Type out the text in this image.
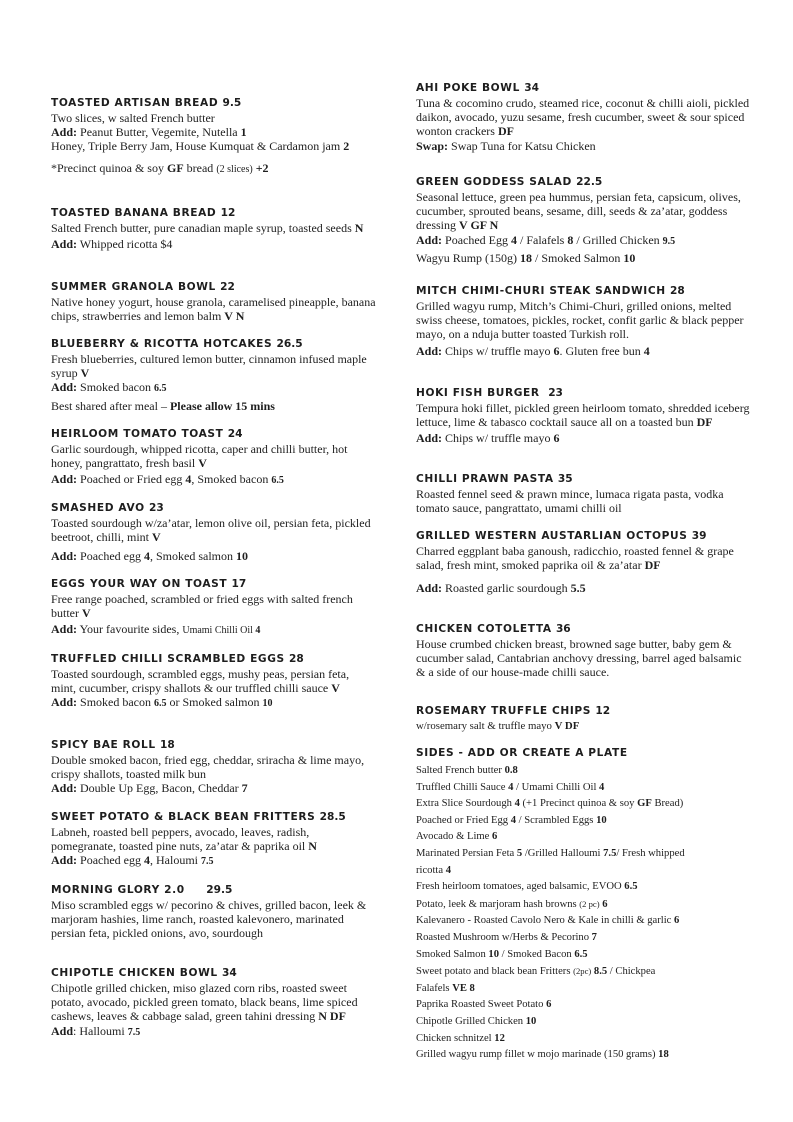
TOASTED ARTISAN BREAD 9.5
Two slices, w salted French butter
Add: Peanut Butter, Vegemite, Nutella 1
Honey, Triple Berry Jam, House Kumquat & Cardamon jam 2
*Precinct quinoa & soy GF bread (2 slices) +2
TOASTED BANANA BREAD 12
Salted French butter, pure canadian maple syrup, toasted seeds N
Add: Whipped ricotta $4
SUMMER GRANOLA BOWL 22
Native honey yogurt, house granola, caramelised pineapple, banana chips, strawberries and lemon balm V N
BLUEBERRY & RICOTTA HOTCAKES 26.5
Fresh blueberries, cultured lemon butter, cinnamon infused maple syrup V
Add: Smoked bacon 6.5
Best shared after meal – Please allow 15 mins
HEIRLOOM TOMATO TOAST 24
Garlic sourdough, whipped ricotta, caper and chilli butter, hot honey, pangrattato, fresh basil V
Add: Poached or Fried egg 4, Smoked bacon 6.5
SMASHED AVO 23
Toasted sourdough w/za’atar, lemon olive oil, persian feta, pickled beetroot, chilli, mint V
Add: Poached egg 4, Smoked salmon 10
EGGS YOUR WAY ON TOAST 17
Free range poached, scrambled or fried eggs with salted french butter V
Add: Your favourite sides, Umami Chilli Oil 4
TRUFFLED CHILLI SCRAMBLED EGGS 28
Toasted sourdough, scrambled eggs, mushy peas, persian feta, mint, cucumber, crispy shallots & our truffled chilli sauce V
Add: Smoked bacon 6.5 or Smoked salmon 10
SPICY BAE ROLL 18
Double smoked bacon, fried egg, cheddar, sriracha & lime mayo, crispy shallots, toasted milk bun
Add: Double Up Egg, Bacon, Cheddar 7
SWEET POTATO & BLACK BEAN FRITTERS 28.5
Labneh, roasted bell peppers, avocado, leaves, radish, pomegranate, toasted pine nuts, za’atar & paprika oil N
Add: Poached egg 4, Haloumi 7.5
MORNING GLORY 2.0 29.5
Miso scrambled eggs w/ pecorino & chives, grilled bacon, leek & marjoram hashies, lime ranch, roasted kalevonero, marinated persian feta, pickled onions, avo, sourdough
CHIPOTLE CHICKEN BOWL 34
Chipotle grilled chicken, miso glazed corn ribs, roasted sweet potato, avocado, pickled green tomato, black beans, lime spiced cashews, leaves & cabbage salad, green tahini dressing N DF
Add: Halloumi 7.5
AHI POKE BOWL 34
Tuna & cocomino crudo, steamed rice, coconut & chilli aioli, pickled daikon, avocado, yuzu sesame, fresh cucumber, sweet & sour spiced wonton crackers DF
Swap: Swap Tuna for Katsu Chicken
GREEN GODDESS SALAD 22.5
Seasonal lettuce, green pea hummus, persian feta, capsicum, olives, cucumber, sprouted beans, sesame, dill, seeds & za’atar, goddess dressing V GF N
Add: Poached Egg 4 / Falafels 8 / Grilled Chicken 9.5
Wagyu Rump (150g) 18 / Smoked Salmon 10
MITCH CHIMI-CHURI STEAK SANDWICH 28
Grilled wagyu rump, Mitch’s Chimi-Churi, grilled onions, melted swiss cheese, tomatoes, pickles, rocket, confit garlic & black pepper mayo, on a nduja butter toasted Turkish roll.
Add: Chips w/ truffle mayo 6. Gluten free bun 4
HOKI FISH BURGER 23
Tempura hoki fillet, pickled green heirloom tomato, shredded iceberg lettuce, lime & tabasco cocktail sauce all on a toasted bun DF
Add: Chips w/ truffle mayo 6
CHILLI PRAWN PASTA 35
Roasted fennel seed & prawn mince, lumaca rigata pasta, vodka tomato sauce, pangrattato, umami chilli oil
GRILLED WESTERN AUSTARLIAN OCTOPUS 39
Charred eggplant baba ganoush, radicchio, roasted fennel & grape salad, fresh mint, smoked paprika oil & za’atar DF
Add: Roasted garlic sourdough 5.5
CHICKEN COTOLETTA 36
House crumbed chicken breast, browned sage butter, baby gem & cucumber salad, Cantabrian anchovy dressing, barrel aged balsamic & a side of our house-made chilli sauce.
ROSEMARY TRUFFLE CHIPS 12
w/rosemary salt & truffle mayo V DF
SIDES - ADD OR CREATE A PLATE
Salted French butter 0.8
Truffled Chilli Sauce 4 / Umami Chilli Oil 4
Extra Slice Sourdough 4 (+1 Precinct quinoa & soy GF Bread)
Poached or Fried Egg 4 / Scrambled Eggs 10
Avocado & Lime 6
Marinated Persian Feta 5 /Grilled Halloumi 7.5/ Fresh whipped
ricotta 4
Fresh heirloom tomatoes, aged balsamic, EVOO 6.5
Potato, leek & marjoram hash browns (2 pc) 6
Kalevanero - Roasted Cavolo Nero & Kale in chilli & garlic 6
Roasted Mushroom w/Herbs & Pecorino 7
Smoked Salmon 10 / Smoked Bacon 6.5
Sweet potato and black bean Fritters (2pc) 8.5 / Chickpea
Falafels VE 8
Paprika Roasted Sweet Potato 6
Chipotle Grilled Chicken 10
Chicken schnitzel 12
Grilled wagyu rump fillet w mojo marinade (150 grams) 18
